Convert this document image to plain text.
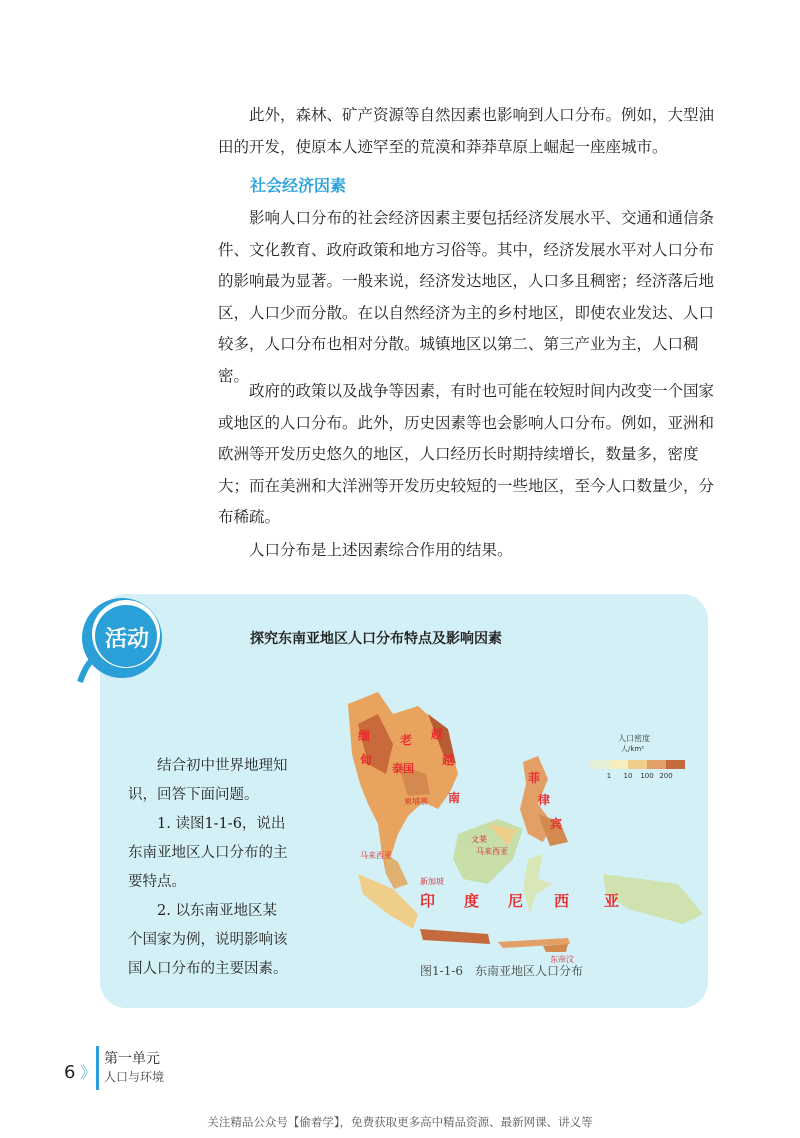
此外，森林、矿产资源等自然因素也影响到人口分布。例如，大型油田的开发，使原本人迹罕至的荒漠和莽莽草原上崛起一座座城市。

社会经济因素

影响人口分布的社会经济因素主要包括经济发展水平、交通和通信条件、文化教育、政府政策和地方习俗等。其中，经济发展水平对人口分布的影响最为显著。一般来说，经济发达地区，人口多且稠密；经济落后地区，人口少而分散。在以自然经济为主的乡村地区，即使农业发达、人口较多，人口分布也相对分散。城镇地区以第二、第三产业为主，人口稠密。

政府的政策以及战争等因素，有时也可能在较短时间内改变一个国家或地区的人口分布。此外，历史因素等也会影响人口分布。例如，亚洲和欧洲等开发历史悠久的地区，人口经历长时期持续增长，数量多，密度大；而在美洲和大洋洲等开发历史较短的一些地区，至今人口数量少，分布稀疏。

人口分布是上述因素综合作用的结果。

活动	探究东南亚地区人口分布特点及影响因素

结合初中世界地理知识，回答下面问题。

1. 读图1-1-6，说出东南亚地区人口分布的主要特点。

2. 以东南亚地区某个国家为例，说明影响该国人口分布的主要因素。

缅
甸
老
泰国
越
南
越
柬埔寨
菲
律
宾
马来西亚
文莱
马来西亚
新加坡
印 度 尼 西 亚
东帝汶
人口密度
人/km²
1 10 100 200
图1-1-6　东南亚地区人口分布
6 》
第一单元
人口与环境
关注精品公众号【偷着学】，免费获取更多高中精品资源、最新网课、讲义等
